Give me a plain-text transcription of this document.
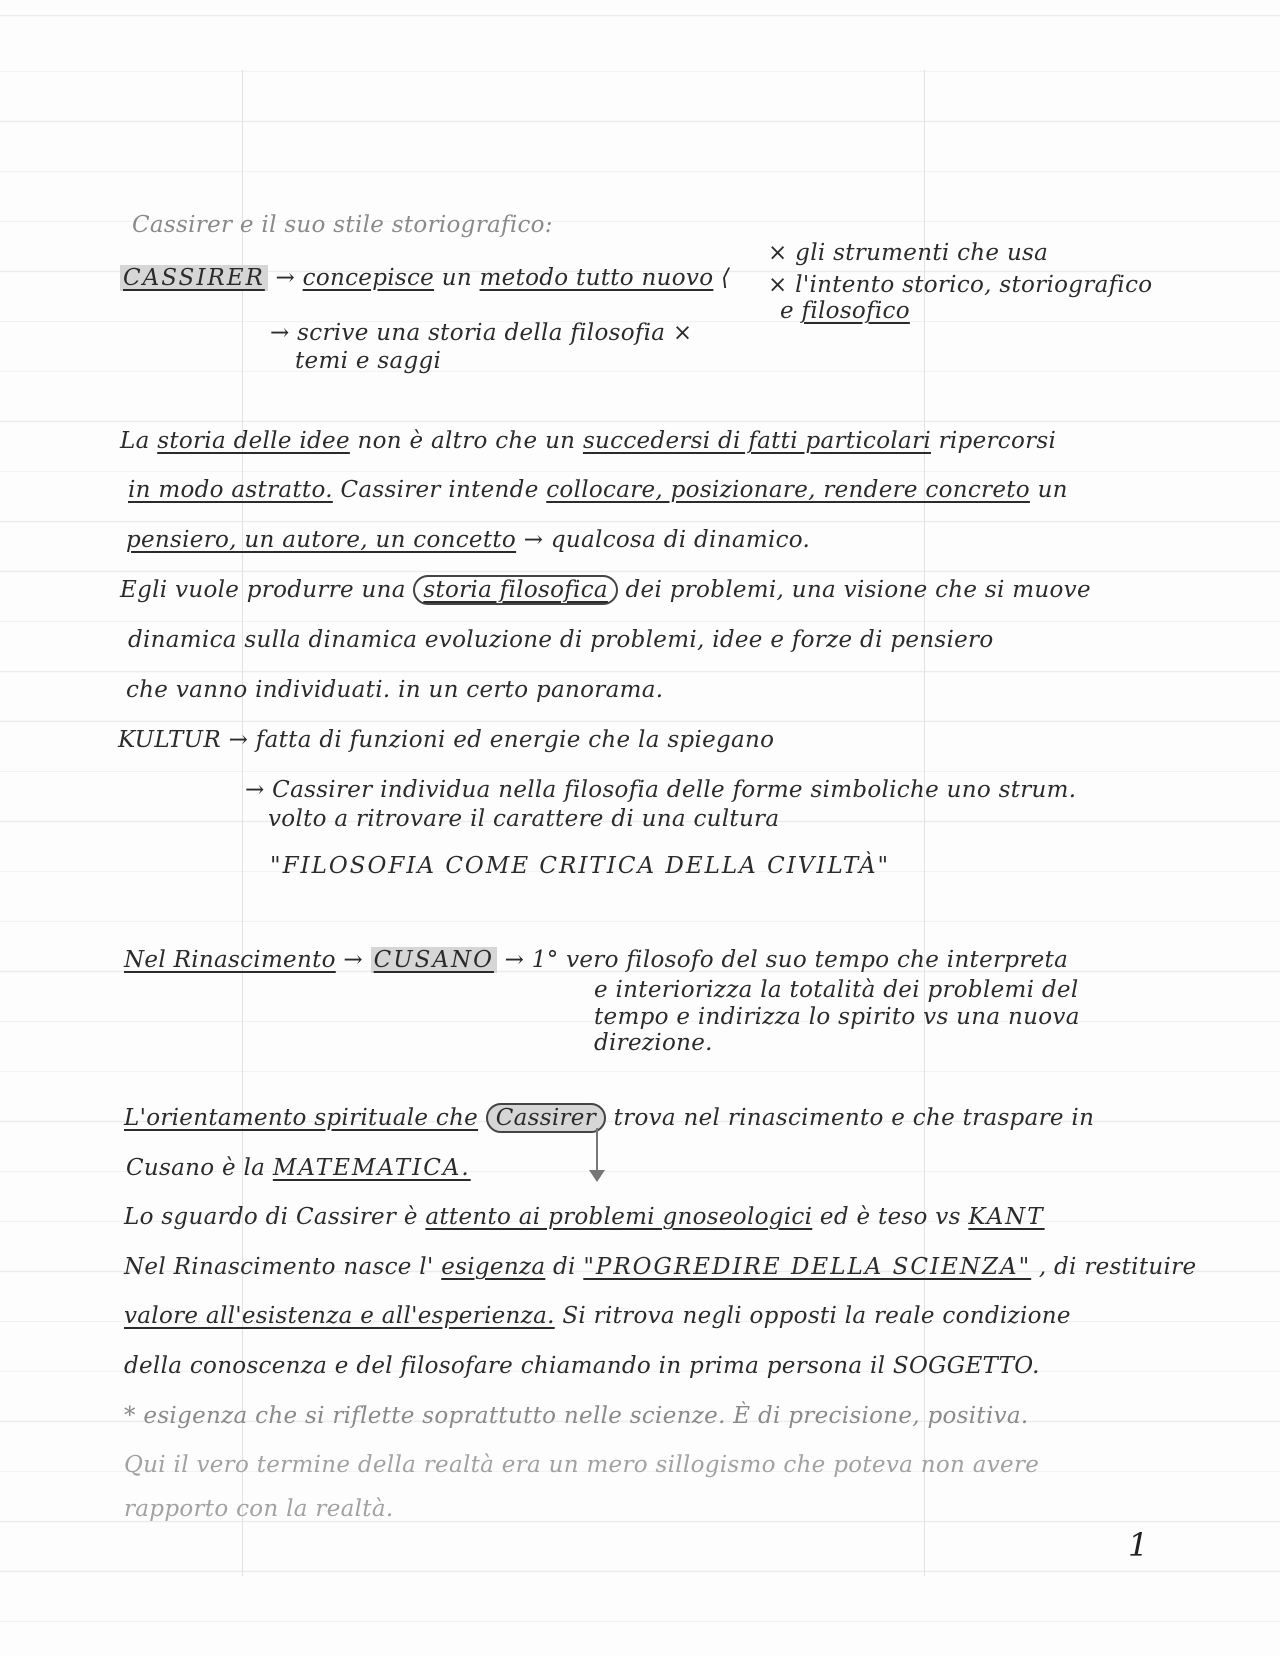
Cassirer e il suo stile storiografico:
CASSIRER → concepisce un metodo tutto nuovo ⟨
× gli strumenti che usa
× l'intento storico, storiografico
e filosofico
→ scrive una storia della filosofia ×
temi e saggi
La storia delle idee non è altro che un succedersi di fatti particolari ripercorsi
in modo astratto. Cassirer intende collocare, posizionare, rendere concreto un
pensiero, un autore, un concetto → qualcosa di dinamico.
Egli vuole produrre una storia filosofica dei problemi, una visione che si muove
dinamica sulla dinamica evoluzione di problemi, idee e forze di pensiero
che vanno individuati. in un certo panorama.
KULTUR → fatta di funzioni ed energie che la spiegano
→ Cassirer individua nella filosofia delle forme simboliche uno strum.
volto a ritrovare il carattere di una cultura
"FILOSOFIA COME CRITICA DELLA CIVILTÀ"
Nel Rinascimento → CUSANO → 1° vero filosofo del suo tempo che interpreta
e interiorizza la totalità dei problemi del
tempo e indirizza lo spirito vs una nuova
direzione.
L'orientamento spirituale che Cassirer trova nel rinascimento e che traspare in
Cusano è la MATEMATICA.
Lo sguardo di Cassirer è attento ai problemi gnoseologici ed è teso vs KANT
Nel Rinascimento nasce l' esigenza di "PROGREDIRE DELLA SCIENZA" , di restituire
valore all'esistenza e all'esperienza. Si ritrova negli opposti la reale condizione
della conoscenza e del filosofare chiamando in prima persona il SOGGETTO.
* esigenza che si riflette soprattutto nelle scienze. È di precisione, positiva.
Qui il vero termine della realtà era un mero sillogismo che poteva non avere
rapporto con la realtà.
1
